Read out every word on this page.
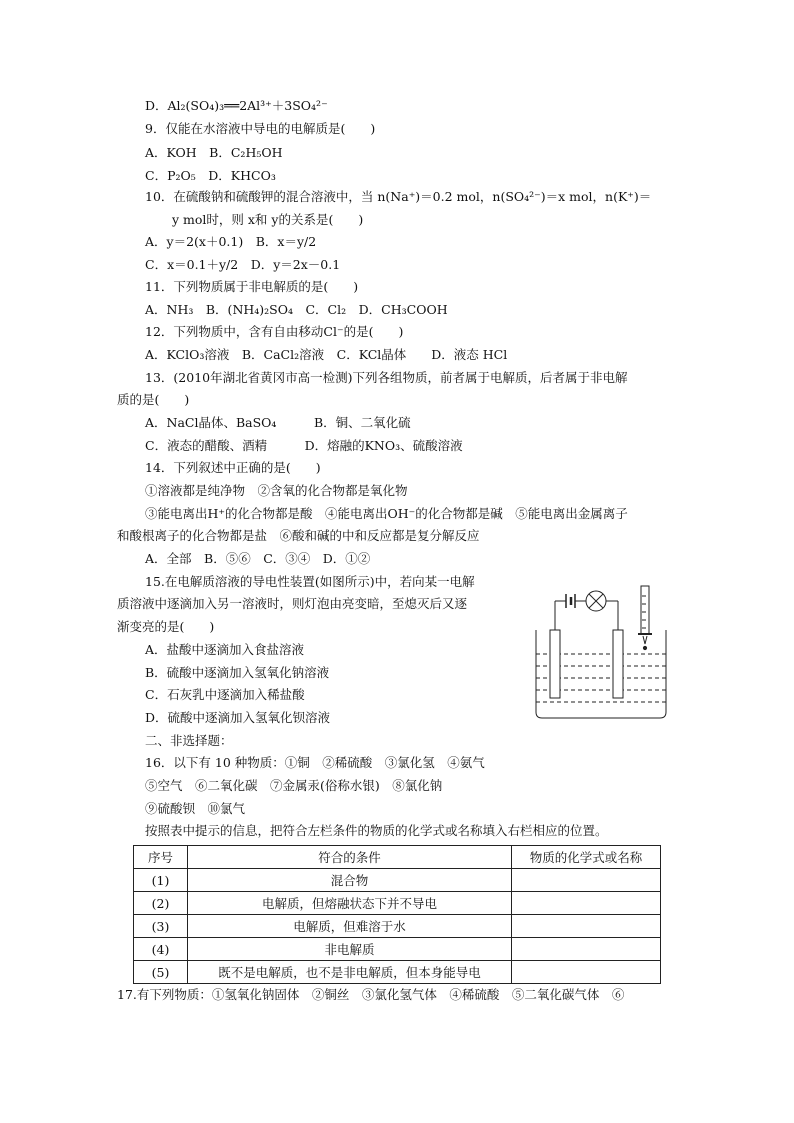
D．Al₂(SO₄)₃══2Al³⁺＋3SO₄²⁻
9．仅能在水溶液中导电的电解质是(　　)
A．KOH　B．C₂H₅OH
C．P₂O₅　D．KHCO₃
10．在硫酸钠和硫酸钾的混合溶液中，当 n(Na⁺)＝0.2 mol，n(SO₄²⁻)＝x mol，n(K⁺)＝
y mol时，则 x和 y的关系是(　　)
A．y＝2(x＋0.1)　B．x＝y/2
C．x＝0.1＋y/2　D．y＝2x－0.1
11．下列物质属于非电解质的是(　　)
A．NH₃　B．(NH₄)₂SO₄　C．Cl₂　D．CH₃COOH
12．下列物质中，含有自由移动Cl⁻的是(　　)
A．KClO₃溶液　B．CaCl₂溶液　C．KCl晶体　　D．液态 HCl
13．(2010年湖北省黄冈市高一检测)下列各组物质，前者属于电解质，后者属于非电解
质的是(　　)
A．NaCl晶体、BaSO₄　　　B．铜、二氧化硫
C．液态的醋酸、酒精　　　D．熔融的KNO₃、硫酸溶液
14．下列叙述中正确的是(　　)
①溶液都是纯净物　②含氧的化合物都是氧化物
③能电离出H⁺的化合物都是酸　④能电离出OH⁻的化合物都是碱　⑤能电离出金属离子
和酸根离子的化合物都是盐　⑥酸和碱的中和反应都是复分解反应
A．全部　B．⑤⑥　C．③④　D．①②
15.在电解质溶液的导电性装置(如图所示)中，若向某一电解
质溶液中逐滴加入另一溶液时，则灯泡由亮变暗，至熄灭后又逐
渐变亮的是(　　)
A．盐酸中逐滴加入食盐溶液
B．硫酸中逐滴加入氢氧化钠溶液
C．石灰乳中逐滴加入稀盐酸
D．硫酸中逐滴加入氢氧化钡溶液
二、非选择题：
16．以下有 10 种物质：①铜　②稀硫酸　③氯化氢　④氨气
⑤空气　⑥二氧化碳　⑦金属汞(俗称水银)　⑧氯化钠
⑨硫酸钡　⑩氯气
按照表中提示的信息，把符合左栏条件的物质的化学式或名称填入右栏相应的位置。
序号	符合的条件	物质的化学式或名称
(1)	混合物	
(2)	电解质，但熔融状态下并不导电	
(3)	电解质，但难溶于水	
(4)	非电解质	
(5)	既不是电解质，也不是非电解质，但本身能导电	
17.有下列物质：①氢氧化钠固体　②铜丝　③氯化氢气体　④稀硫酸　⑤二氧化碳气体　⑥
